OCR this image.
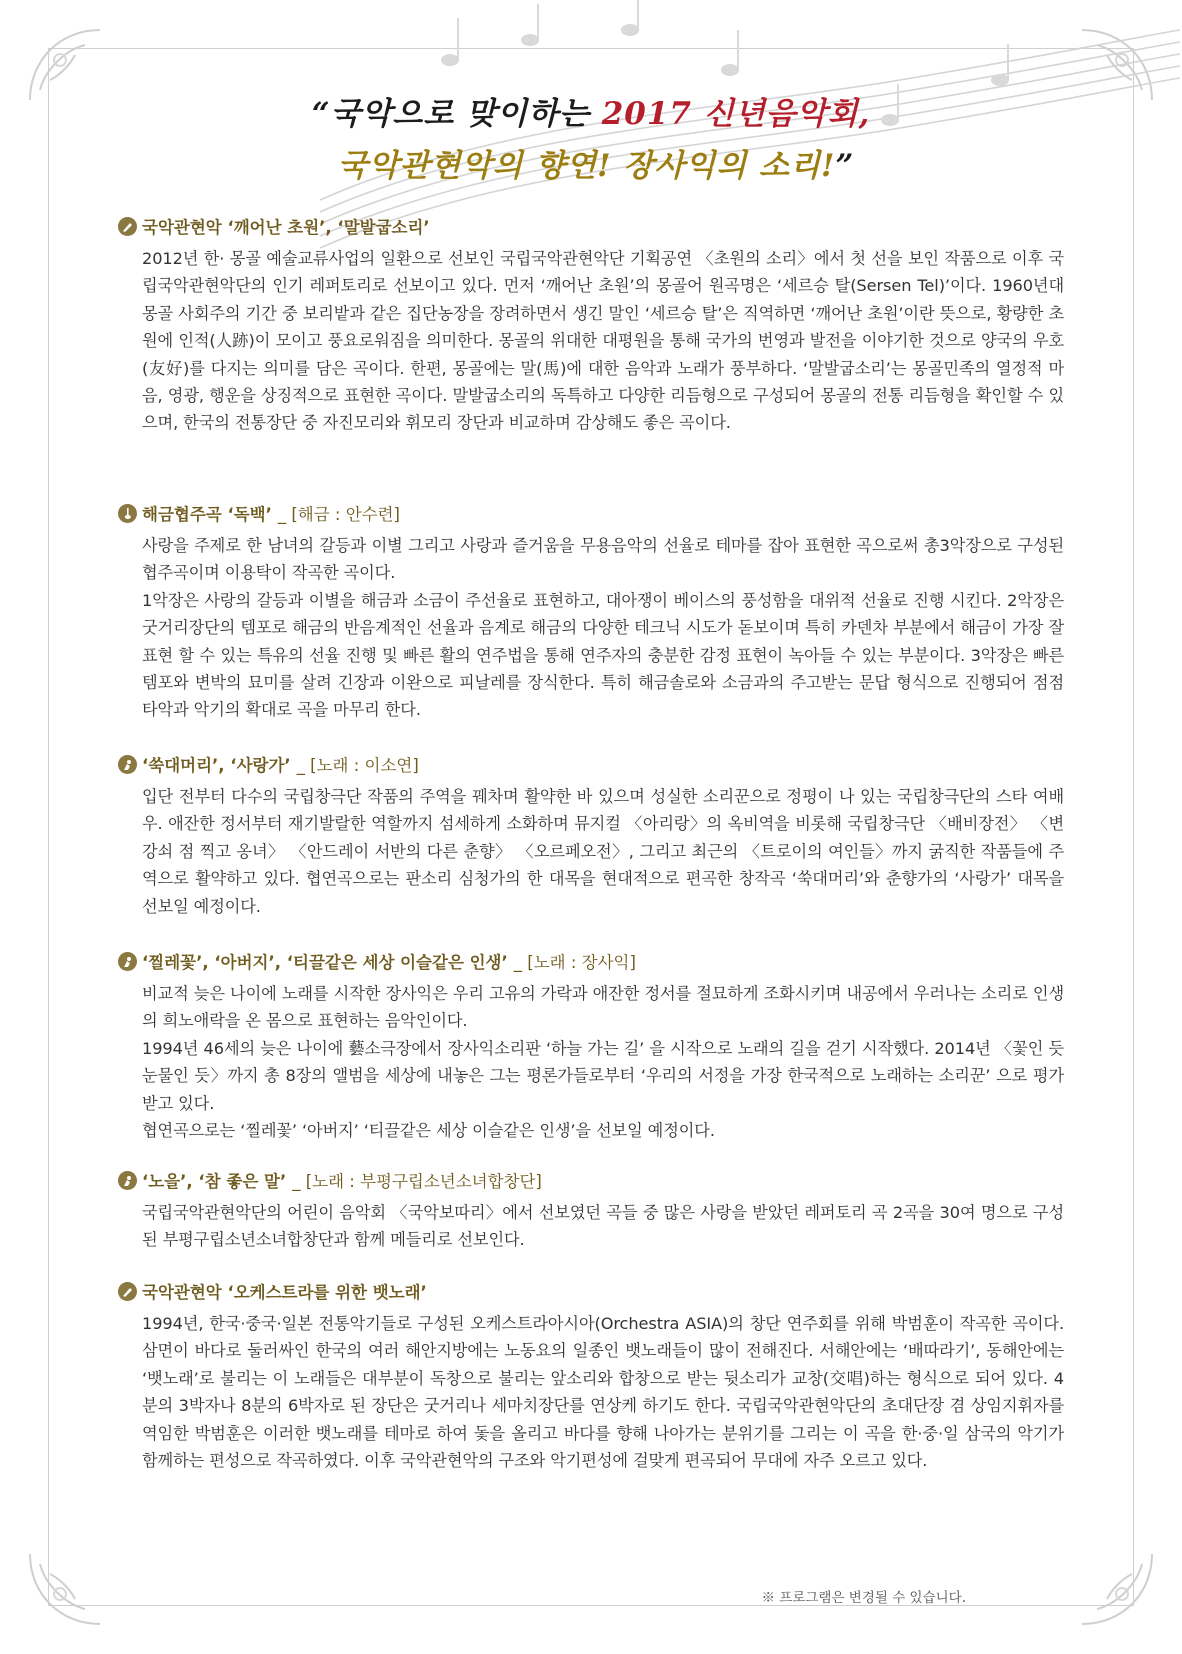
“국악으로 맞이하는 2017 신년음악회,
국악관현악의 향연! 장사익의 소리!”
국악관현악 ‘깨어난 초원’, ‘말발굽소리’

2012년 한· 몽골 예술교류사업의 일환으로 선보인 국립국악관현악단 기획공연 〈초원의 소리〉에서 첫 선을 보인 작품으로 이후 국립국악관현악단의 인기 레퍼토리로 선보이고 있다. 먼저 ‘깨어난 초원’의 몽골어 원곡명은 ‘세르승 탈(Sersen Tel)’이다. 1960년대 몽골 사회주의 기간 중 보리밭과 같은 집단농장을 장려하면서 생긴 말인 ‘세르승 탈’은 직역하면 ‘깨어난 초원’이란 뜻으로, 황량한 초원에 인적(人跡)이 모이고 풍요로워짐을 의미한다. 몽골의 위대한 대평원을 통해 국가의 번영과 발전을 이야기한 것으로 양국의 우호(友好)를 다지는 의미를 담은 곡이다. 한편, 몽골에는 말(馬)에 대한 음악과 노래가 풍부하다. ‘말발굽소리’는 몽골민족의 열정적 마음, 영광, 행운을 상징적으로 표현한 곡이다. 말발굽소리의 독특하고 다양한 리듬형으로 구성되어 몽골의 전통 리듬형을 확인할 수 있으며, 한국의 전통장단 중 자진모리와 휘모리 장단과 비교하며 감상해도 좋은 곡이다.

해금협주곡 ‘독백’ _ [해금 : 안수련]

사랑을 주제로 한 남녀의 갈등과 이별 그리고 사랑과 즐거움을 무용음악의 선율로 테마를 잡아 표현한 곡으로써 총3악장으로 구성된 협주곡이며 이용탁이 작곡한 곡이다.

1악장은 사랑의 갈등과 이별을 해금과 소금이 주선율로 표현하고, 대아쟁이 베이스의 풍성함을 대위적 선율로 진행 시킨다. 2악장은 굿거리장단의 템포로 해금의 반음계적인 선율과 음계로 해금의 다양한 테크닉 시도가 돋보이며 특히 카덴차 부분에서 해금이 가장 잘 표현 할 수 있는 특유의 선율 진행 및 빠른 활의 연주법을 통해 연주자의 충분한 감정 표현이 녹아들 수 있는 부분이다. 3악장은 빠른 템포와 변박의 묘미를 살려 긴장과 이완으로 피날레를 장식한다. 특히 해금솔로와 소금과의 주고받는 문답 형식으로 진행되어 점점 타악과 악기의 확대로 곡을 마무리 한다.

‘쑥대머리’, ‘사랑가’ _ [노래 : 이소연]

입단 전부터 다수의 국립창극단 작품의 주역을 꿰차며 활약한 바 있으며 성실한 소리꾼으로 정평이 나 있는 국립창극단의 스타 여배우. 애잔한 정서부터 재기발랄한 역할까지 섬세하게 소화하며 뮤지컬 〈아리랑〉의 옥비역을 비롯해 국립창극단 〈배비장전〉 〈변강쇠 점 찍고 옹녀〉 〈안드레이 서반의 다른 춘향〉 〈오르페오전〉, 그리고 최근의 〈트로이의 여인들〉까지 굵직한 작품들에 주역으로 활약하고 있다. 협연곡으로는 판소리 심청가의 한 대목을 현대적으로 편곡한 창작곡 ‘쑥대머리’와 춘향가의 ‘사랑가’ 대목을 선보일 예정이다.

‘찔레꽃’, ‘아버지’, ‘티끌같은 세상 이슬같은 인생’ _ [노래 : 장사익]

비교적 늦은 나이에 노래를 시작한 장사익은 우리 고유의 가락과 애잔한 정서를 절묘하게 조화시키며 내공에서 우러나는 소리로 인생의 희노애락을 온 몸으로 표현하는 음악인이다.

1994년 46세의 늦은 나이에 藝소극장에서 장사익소리판 ‘하늘 가는 길’ 을 시작으로 노래의 길을 걷기 시작했다. 2014년 〈꽃인 듯 눈물인 듯〉까지 총 8장의 앨범을 세상에 내놓은 그는 평론가들로부터 ‘우리의 서정을 가장 한국적으로 노래하는 소리꾼’ 으로 평가받고 있다.

협연곡으로는 ‘찔레꽃’ ‘아버지’ ‘티끌같은 세상 이슬같은 인생’을 선보일 예정이다.

‘노을’, ‘참 좋은 말’ _ [노래 : 부평구립소년소녀합창단]

국립국악관현악단의 어린이 음악회 〈국악보따리〉에서 선보였던 곡들 중 많은 사랑을 받았던 레퍼토리 곡 2곡을 30여 명으로 구성된 부평구립소년소녀합창단과 함께 메들리로 선보인다.

국악관현악 ‘오케스트라를 위한 뱃노래’

1994년, 한국·중국·일본 전통악기들로 구성된 오케스트라아시아(Orchestra ASIA)의 창단 연주회를 위해 박범훈이 작곡한 곡이다. 삼면이 바다로 둘러싸인 한국의 여러 해안지방에는 노동요의 일종인 뱃노래들이 많이 전해진다. 서해안에는 ‘배따라기’, 동해안에는 ‘뱃노래’로 불리는 이 노래들은 대부분이 독창으로 불리는 앞소리와 합창으로 받는 뒷소리가 교창(交唱)하는 형식으로 되어 있다. 4분의 3박자나 8분의 6박자로 된 장단은 굿거리나 세마치장단를 연상케 하기도 한다. 국립국악관현악단의 초대단장 겸 상임지휘자를 역임한 박범훈은 이러한 뱃노래를 테마로 하여 돛을 올리고 바다를 향해 나아가는 분위기를 그리는 이 곡을 한·중·일 삼국의 악기가 함께하는 편성으로 작곡하였다. 이후 국악관현악의 구조와 악기편성에 걸맞게 편곡되어 무대에 자주 오르고 있다.

※ 프로그램은 변경될 수 있습니다.
